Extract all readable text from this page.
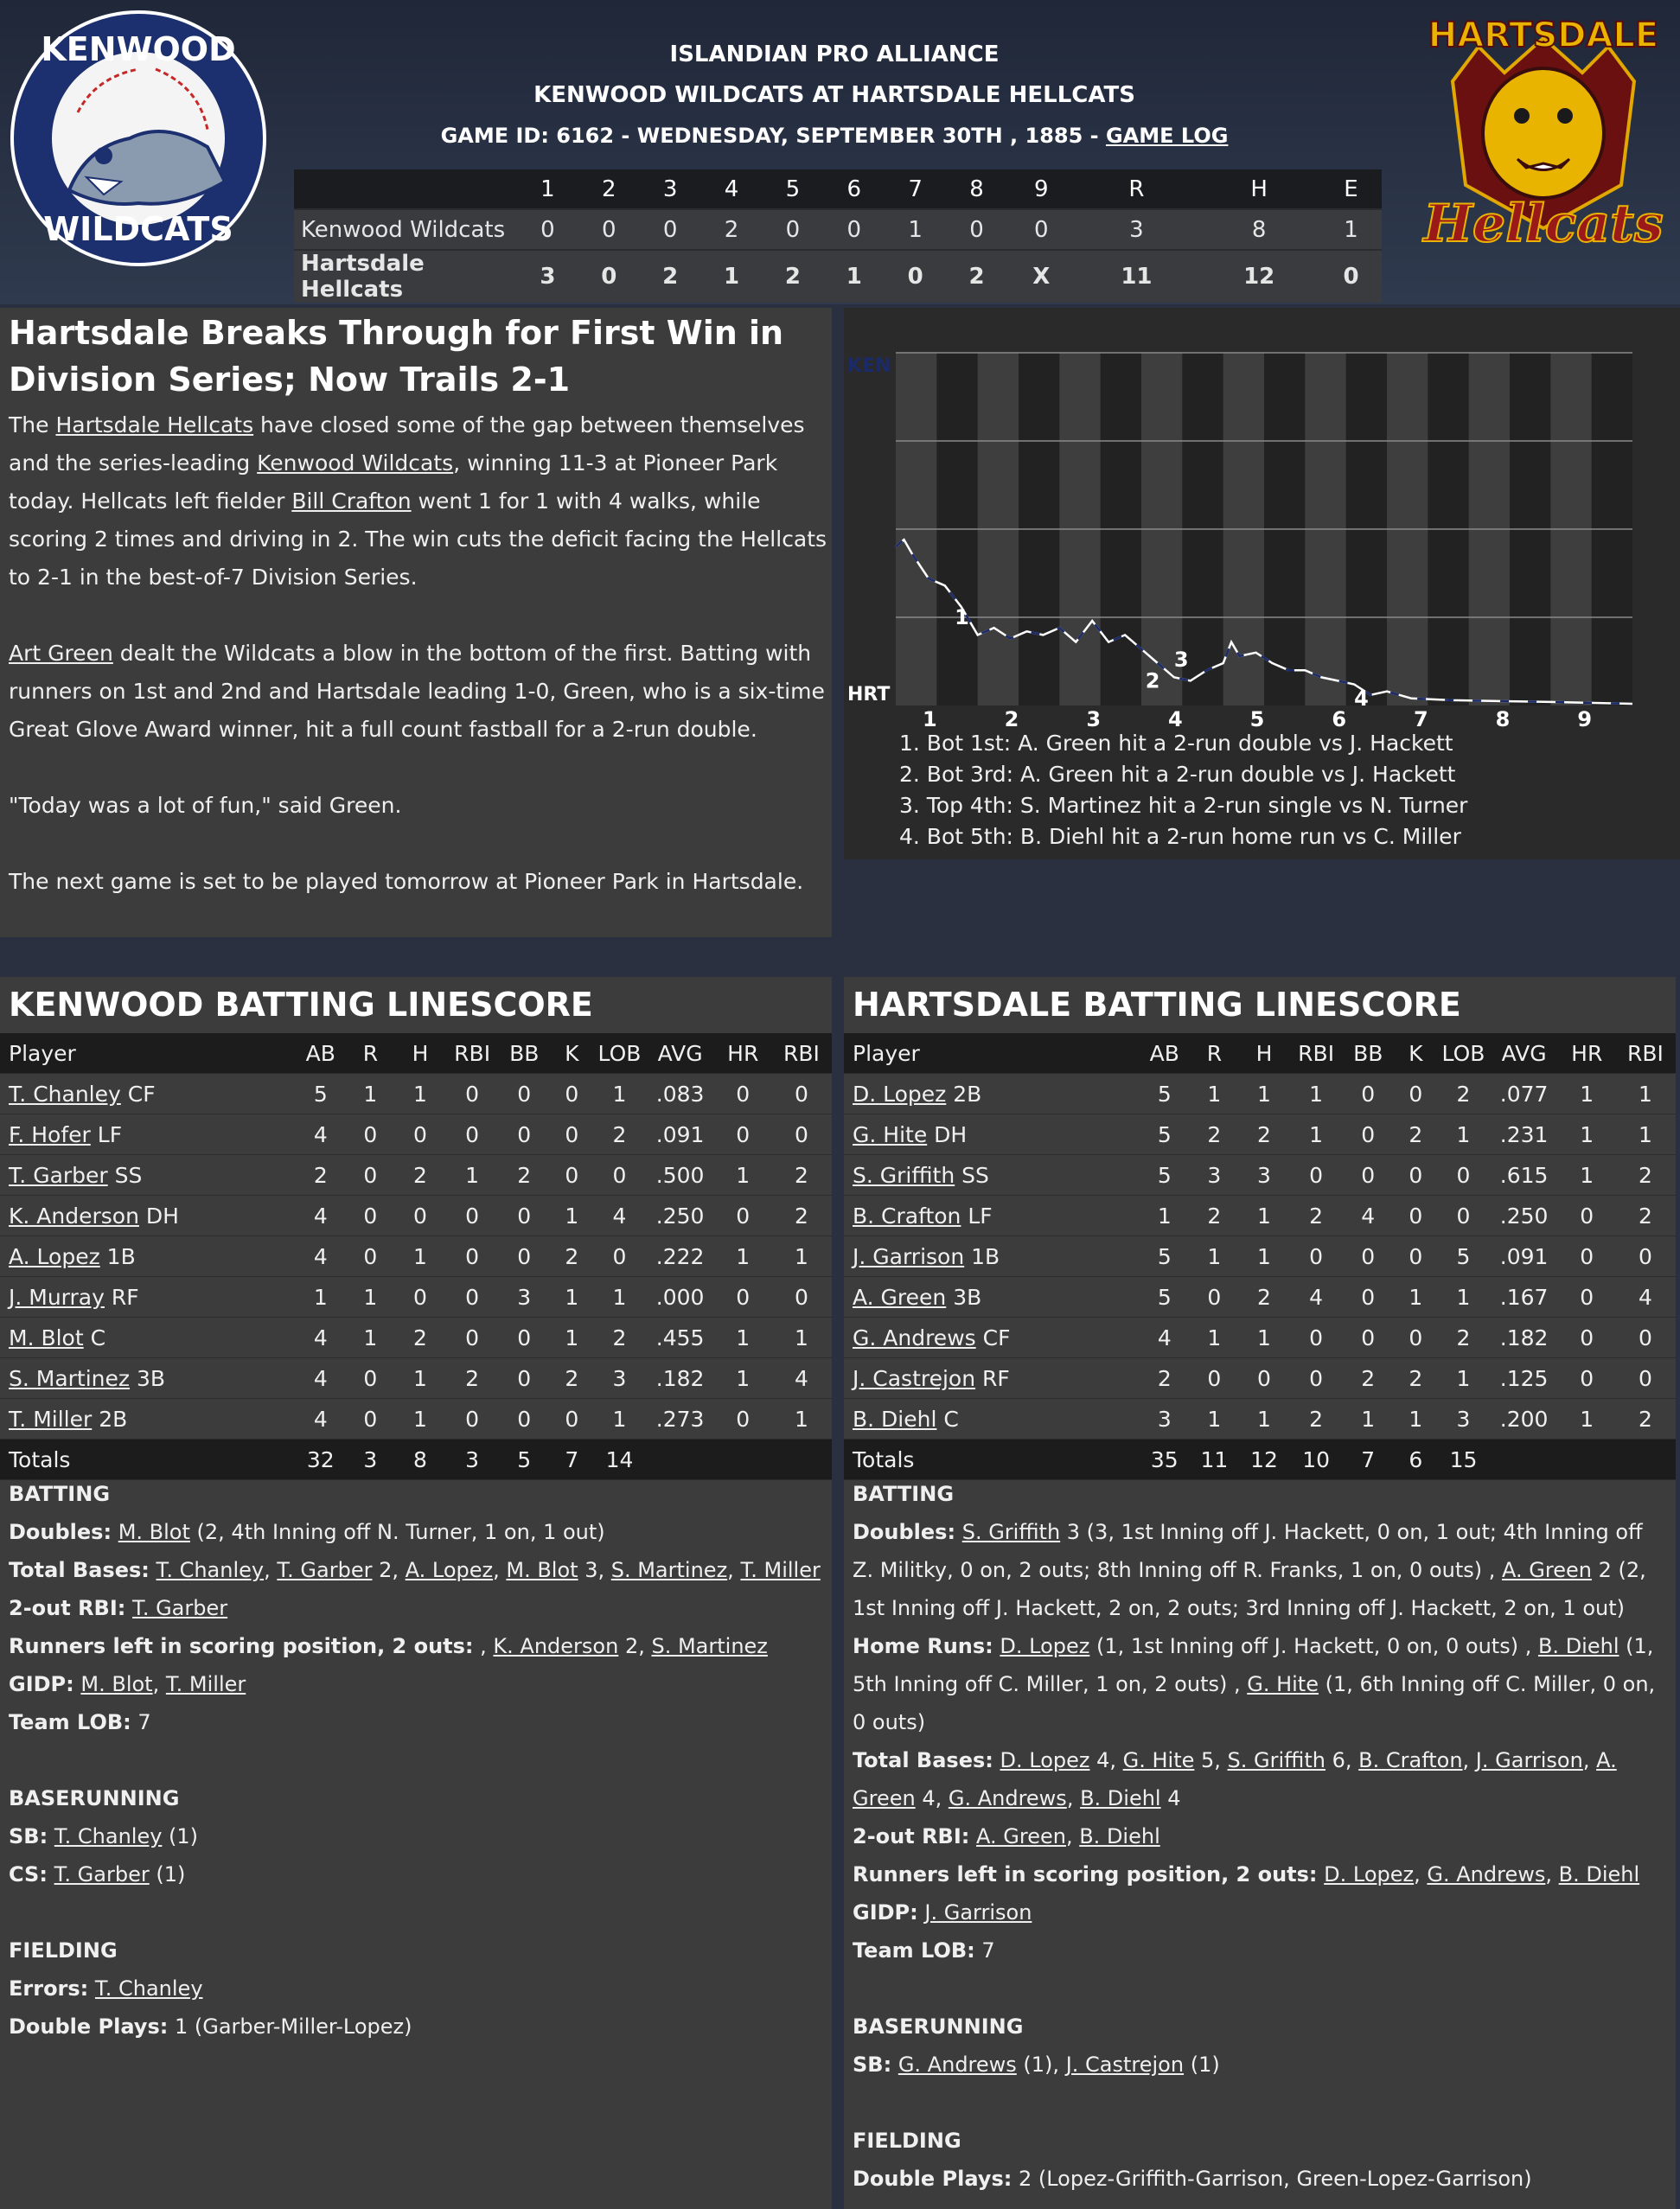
KENWOOD
WILDCATS
HARTSDALE
Hellcats
ISLANDIAN PRO ALLIANCE
KENWOOD WILDCATS AT HARTSDALE HELLCATS
GAME ID: 6162 - WEDNESDAY, SEPTEMBER 30TH , 1885 - GAME LOG
	1	2	3	4	5	6	7	8	9	R	H	E
Kenwood Wildcats	0	0	0	2	0	0	1	0	0	3	8	1
Hartsdale Hellcats	3	0	2	1	2	1	0	2	X	11	12	0
Hartsdale Breaks Through for First Win in Division Series; Now Trails 2-1

The Hartsdale Hellcats have closed some of the gap between themselves and the series-leading Kenwood Wildcats, winning 11-3 at Pioneer Park today. Hellcats left fielder Bill Crafton went 1 for 1 with 4 walks, while scoring 2 times and driving in 2. The win cuts the deficit facing the Hellcats to 2-1 in the best-of-7 Division Series.

Art Green dealt the Wildcats a blow in the bottom of the first. Batting with runners on 1st and 2nd and Hartsdale leading 1-0, Green, who is a six-time Great Glove Award winner, hit a full count fastball for a 2-run double.

"Today was a lot of fun," said Green.

The next game is set to be played tomorrow at Pioneer Park in Hartsdale.

KEN
HRT
1	2	3	4	5	6	7	8	9
1
2
3
4
1. Bot 1st: A. Green hit a 2-run double vs J. Hackett
2. Bot 3rd: A. Green hit a 2-run double vs J. Hackett
3. Top 4th: S. Martinez hit a 2-run single vs N. Turner
4. Bot 5th: B. Diehl hit a 2-run home run vs C. Miller
KENWOOD BATTING LINESCORE
Player	AB	R	H	RBI	BB	K	LOB	AVG	HR	RBI
T. Chanley CF	5	1	1	0	0	0	1	.083	0	0
F. Hofer LF	4	0	0	0	0	0	2	.091	0	0
T. Garber SS	2	0	2	1	2	0	0	.500	1	2
K. Anderson DH	4	0	0	0	0	1	4	.250	0	2
A. Lopez 1B	4	0	1	0	0	2	0	.222	1	1
J. Murray RF	1	1	0	0	3	1	1	.000	0	0
M. Blot C	4	1	2	0	0	1	2	.455	1	1
S. Martinez 3B	4	0	1	2	0	2	3	.182	1	4
T. Miller 2B	4	0	1	0	0	0	1	.273	0	1
Totals	32	3	8	3	5	7	14			
BATTING
Doubles: M. Blot (2, 4th Inning off N. Turner, 1 on, 1 out)
Total Bases: T. Chanley, T. Garber 2, A. Lopez, M. Blot 3, S. Martinez, T. Miller
2-out RBI: T. Garber
Runners left in scoring position, 2 outs: , K. Anderson 2, S. Martinez
GIDP: M. Blot, T. Miller
Team LOB: 7
BASERUNNING
SB: T. Chanley (1)
CS: T. Garber (1)
FIELDING
Errors: T. Chanley
Double Plays: 1 (Garber-Miller-Lopez)
HARTSDALE BATTING LINESCORE
Player	AB	R	H	RBI	BB	K	LOB	AVG	HR	RBI
D. Lopez 2B	5	1	1	1	0	0	2	.077	1	1
G. Hite DH	5	2	2	1	0	2	1	.231	1	1
S. Griffith SS	5	3	3	0	0	0	0	.615	1	2
B. Crafton LF	1	2	1	2	4	0	0	.250	0	2
J. Garrison 1B	5	1	1	0	0	0	5	.091	0	0
A. Green 3B	5	0	2	4	0	1	1	.167	0	4
G. Andrews CF	4	1	1	0	0	0	2	.182	0	0
J. Castrejon RF	2	0	0	0	2	2	1	.125	0	0
B. Diehl C	3	1	1	2	1	1	3	.200	1	2
Totals	35	11	12	10	7	6	15			
BATTING
Doubles: S. Griffith 3 (3, 1st Inning off J. Hackett, 0 on, 1 out; 4th Inning off Z. Militky, 0 on, 2 outs; 8th Inning off R. Franks, 1 on, 0 outs) , A. Green 2 (2, 1st Inning off J. Hackett, 2 on, 2 outs; 3rd Inning off J. Hackett, 2 on, 1 out)
Home Runs: D. Lopez (1, 1st Inning off J. Hackett, 0 on, 0 outs) , B. Diehl (1, 5th Inning off C. Miller, 1 on, 2 outs) , G. Hite (1, 6th Inning off C. Miller, 0 on, 0 outs)
Total Bases: D. Lopez 4, G. Hite 5, S. Griffith 6, B. Crafton, J. Garrison, A. Green 4, G. Andrews, B. Diehl 4
2-out RBI: A. Green, B. Diehl
Runners left in scoring position, 2 outs: D. Lopez, G. Andrews, B. Diehl
GIDP: J. Garrison
Team LOB: 7
BASERUNNING
SB: G. Andrews (1), J. Castrejon (1)
FIELDING
Double Plays: 2 (Lopez-Griffith-Garrison, Green-Lopez-Garrison)
